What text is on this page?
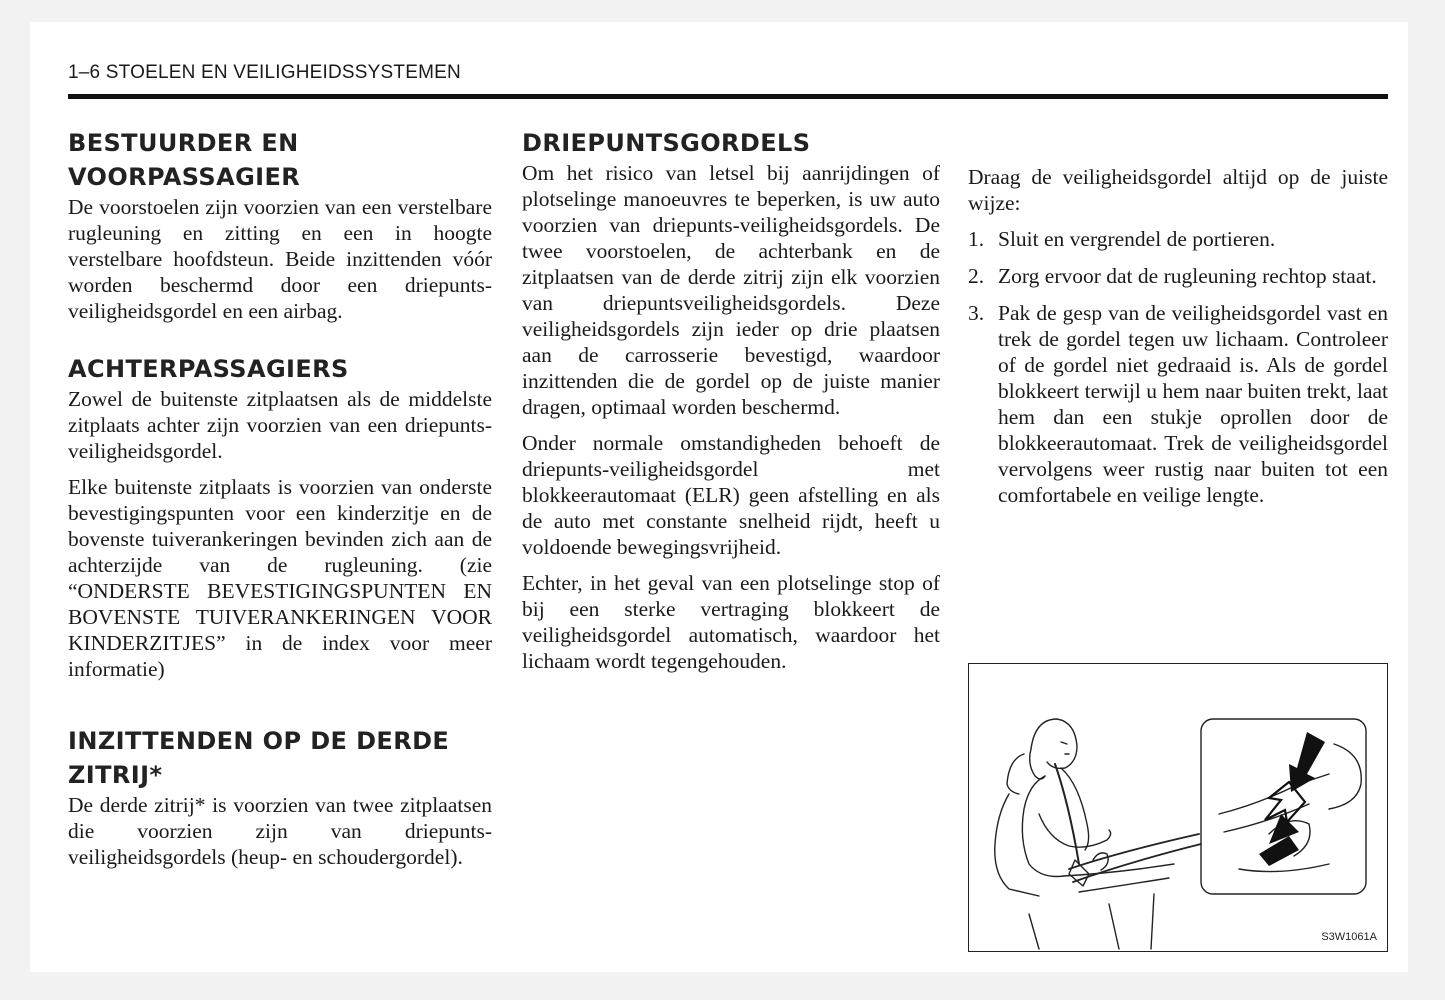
1–6 STOELEN EN VEILIGHEIDSSYSTEMEN
BESTUURDER EN VOORPASSAGIER

De voorstoelen zijn voorzien van een verstelbare rugleuning en zitting en een in hoogte verstelbare hoofdsteun. Beide inzittenden vóór worden beschermd door een driepunts-veiligheidsgordel en een airbag.

ACHTERPASSAGIERS

Zowel de buitenste zitplaatsen als de middelste zitplaats achter zijn voorzien van een driepunts-veiligheidsgordel.

Elke buitenste zitplaats is voorzien van onderste bevestigingspunten voor een kinderzitje en de bovenste tuiverankeringen bevinden zich aan de achterzijde van de rugleuning. (zie “ONDERSTE BEVESTIGINGSPUNTEN EN BOVENSTE TUIVERANKERINGEN VOOR KINDERZITJES” in de index voor meer informatie)

INZITTENDEN OP DE DERDE ZITRIJ*

De derde zitrij* is voorzien van twee zitplaatsen die voorzien zijn van driepunts-veiligheidsgordels (heup- en schoudergordel).

DRIEPUNTSGORDELS

Om het risico van letsel bij aanrijdingen of plotselinge manoeuvres te beperken, is uw auto voorzien van driepunts-veiligheidsgordels. De twee voorstoelen, de achterbank en de zitplaatsen van de derde zitrij zijn elk voorzien van driepuntsveiligheidsgordels. Deze veiligheidsgordels zijn ieder op drie plaatsen aan de carrosserie bevestigd, waardoor inzittenden die de gordel op de juiste manier dragen, optimaal worden beschermd.

Onder normale omstandigheden behoeft de driepunts-veiligheidsgordel met blokkeerautomaat (ELR) geen afstelling en als de auto met constante snelheid rijdt, heeft u voldoende bewegingsvrijheid.

Echter, in het geval van een plotselinge stop of bij een sterke vertraging blokkeert de veiligheidsgordel automatisch, waardoor het lichaam wordt tegengehouden.

Draag de veiligheidsgordel altijd op de juiste wijze:

1. Sluit en vergrendel de portieren.
2. Zorg ervoor dat de rugleuning rechtop staat.
3. Pak de gesp van de veiligheidsgordel vast en trek de gordel tegen uw lichaam. Controleer of de gordel niet gedraaid is. Als de gordel blokkeert terwijl u hem naar buiten trekt, laat hem dan een stukje oprollen door de blokkeerautomaat. Trek de veiligheidsgordel vervolgens weer rustig naar buiten tot een comfortabele en veilige lengte.
S3W1061A
